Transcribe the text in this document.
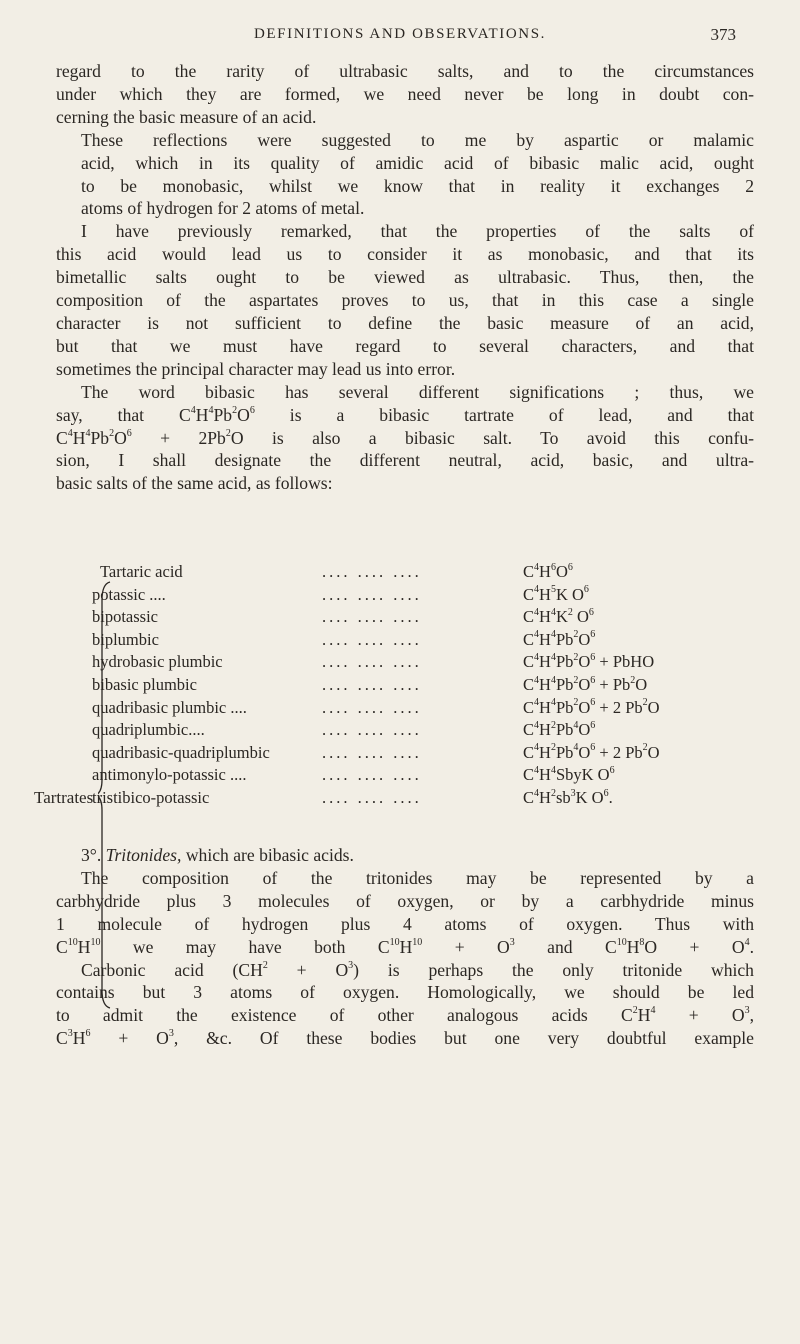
DEFINITIONS AND OBSERVATIONS.	373

regard to the rarity of ultrabasic salts, and to the circumstances
under which they are formed, we need never be long in doubt con-
cerning the basic measure of an acid.

These reflections were suggested to me by aspartic or malamic
acid, which in its quality of amidic acid of bibasic malic acid, ought
to be monobasic, whilst we know that in reality it exchanges 2
atoms of hydrogen for 2 atoms of metal.

I have previously remarked, that the properties of the salts of
this acid would lead us to consider it as monobasic, and that its
bimetallic salts ought to be viewed as ultrabasic. Thus, then, the
composition of the aspartates proves to us, that in this case a single
character is not sufficient to define the basic measure of an acid,
but that we must have regard to several characters, and that
sometimes the principal character may lead us into error.

The word bibasic has several different significations ; thus, we
say, that $C^4H^4Pb^2O^6$ is a bibasic tartrate of lead, and that
$C^4H^4Pb^2O^6 + 2Pb^2O$ is also a bibasic salt. To avoid this confu-
sion, I shall designate the different neutral, acid, basic, and ultra-
basic salts of the same acid, as follows:

Tartrates
Tartaric acid	.... .... ....	$C^4H^6O^6$
potassic ....	.... .... ....	$C^4H^5K$ $O^6$
bipotassic	.... .... ....	$C^4H^4K^2$ $O^6$
biplumbic	.... .... ....	$C^4H^4Pb^2O^6$
hydrobasic plumbic	.... .... ....	$C^4H^4Pb^2O^6$ + PbHO
bibasic plumbic	.... .... ....	$C^4H^4Pb^2O^6 + Pb^2O$
quadribasic plumbic ....	.... .... ....	$C^4H^4Pb^2O^6 + 2$ Pb$^2$O
quadriplumbic....	.... .... ....	$C^4H^2Pb^4O^6$
quadribasic-quadriplumbic	.... .... ....	$C^4H^2Pb^4O^6 + 2$ Pb$^2$O
antimonylo-potassic ....	.... .... ....	$C^4H^4SbyK$ $O^6$
tristibico-potassic	.... .... ....	$C^4H^2sb^3K$ $O^6$.

3°. Tritonides, which are bibasic acids.

The composition of the tritonides may be represented by a
carbhydride plus 3 molecules of oxygen, or by a carbhydride minus
1 molecule of hydrogen plus 4 atoms of oxygen. Thus with
$C^{10}H^{10}$ we may have both $C^{10}H^{10} + O^3$ and $C^{10}H^8O + O^4$.
Carbonic acid $(CH^2 + O^3)$ is perhaps the only tritonide which
contains but 3 atoms of oxygen. Homologically, we should be led
to admit the existence of other analogous acids $C^2H^4 + O^3$,
$C^3H^6 + O^3$, &c. Of these bodies but one very doubtful example
